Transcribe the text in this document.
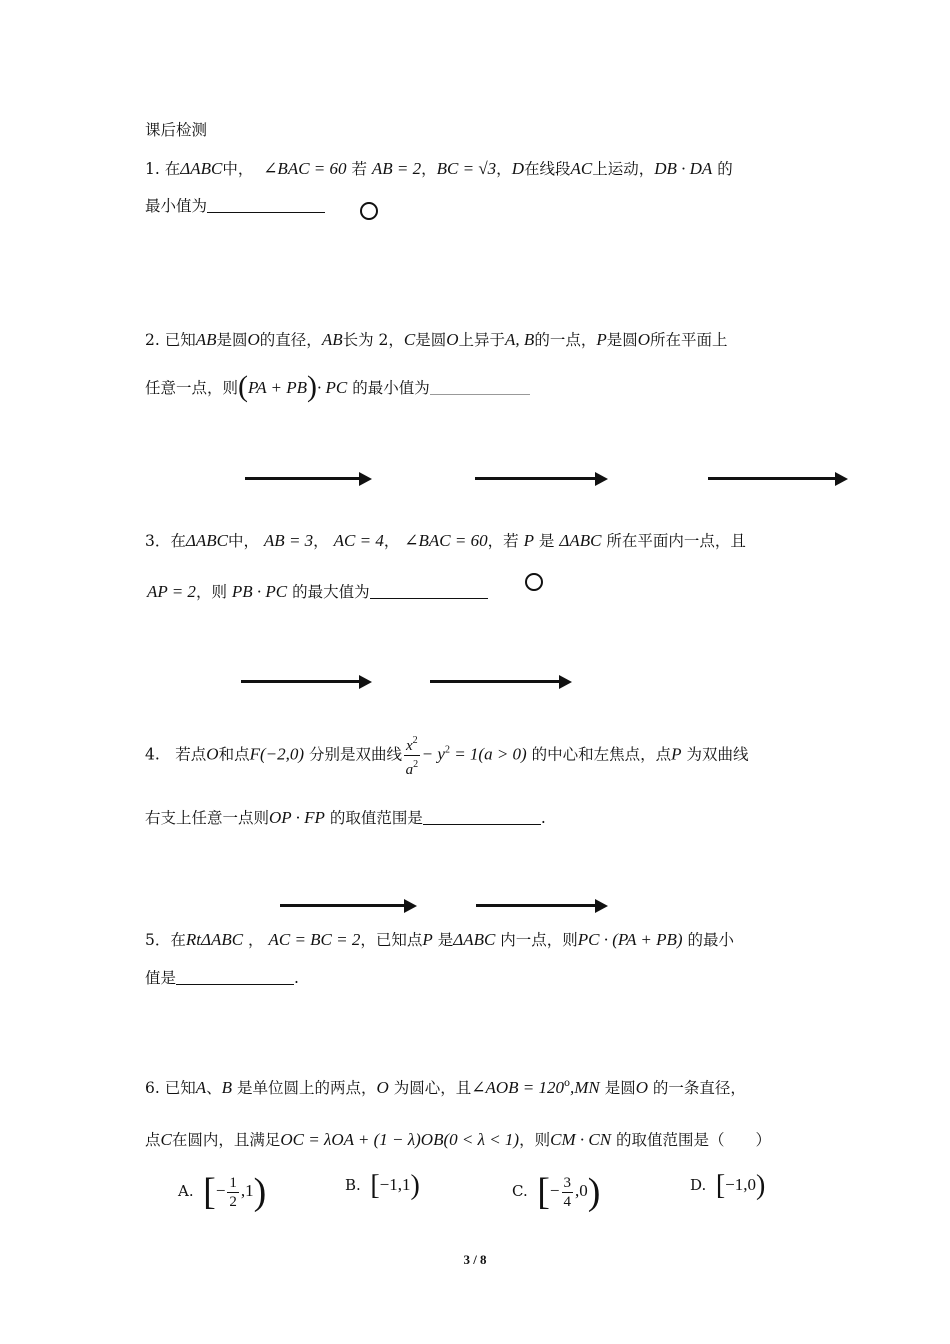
课后检测
1. 在ΔABC中， ∠BAC = 60 若 AB = 2，BC = √3，D在线段AC上运动，DB · DA 的
最小值为
2. 已知AB是圆O的直径，AB长为 2，C是圆O上异于A, B的一点，P是圆O所在平面上
任意一点，则(PA + PB)· PC 的最小值为
3．在ΔABC中， AB = 3， AC = 4， ∠BAC = 60，若 P 是 ΔABC 所在平面内一点，且
AP = 2，则 PB · PC 的最大值为
4.　若点O和点F(−2,0) 分别是双曲线 $\frac{x^2}{a^2} - y^2 = 1(a > 0)$ 的中心和左焦点，点P 为双曲线
右支上任意一点则OP · FP 的取值范围是	.
5．在RtΔABC ， AC = BC = 2，已知点P 是ΔABC 内一点，则PC · (PA + PB) 的最小
值是	.
6. 已知A、B 是单位圆上的两点，O 为圆心，且∠AOB = $120^o,MN$ 是圆O 的一条直径，
点C在圆内，且满足OC = λOA + (1 − λ)OB(0 < λ < 1)，则CM · CN 的取值范围是（　　）
A. [− $\frac{1}{2} ,1$)	B. [−1,1)	C. [− $\frac{3}{4} ,0$)	D. [−1,0)
3 / 8
